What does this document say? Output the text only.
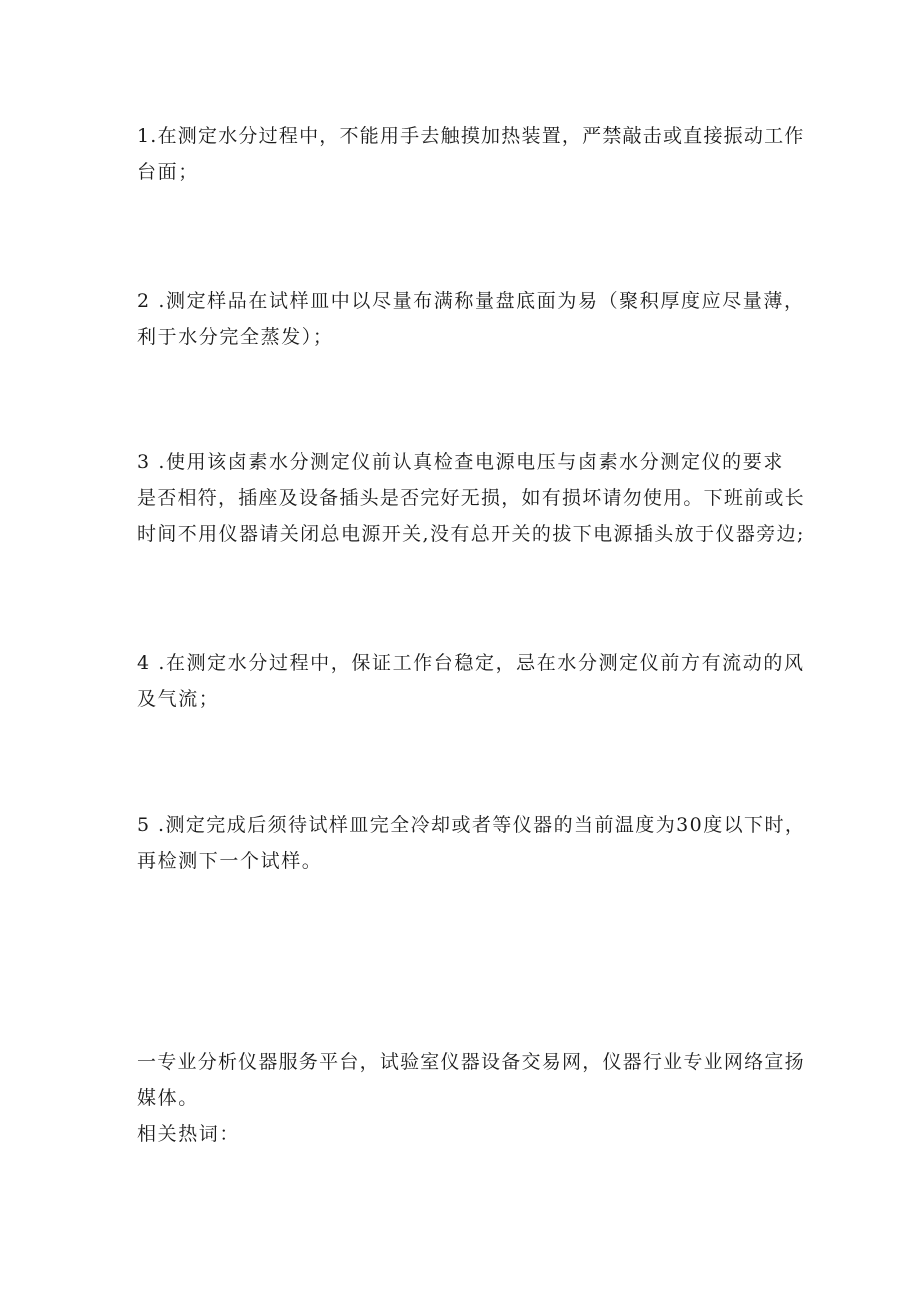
1.在测定水分过程中，不能用手去触摸加热装置，严禁敲击或直接振动工作
台面；
2 .测定样品在试样皿中以尽量布满称量盘底面为易（聚积厚度应尽量薄，
利于水分完全蒸发）；
3 .使用该卤素水分测定仪前认真检查电源电压与卤素水分测定仪的要求
是否相符，插座及设备插头是否完好无损，如有损坏请勿使用。下班前或长
时间不用仪器请关闭总电源开关,没有总开关的拔下电源插头放于仪器旁边;
4 .在测定水分过程中，保证工作台稳定，忌在水分测定仪前方有流动的风
及气流；
5 .测定完成后须待试样皿完全冷却或者等仪器的当前温度为30度以下时，
再检测下一个试样。
一专业分析仪器服务平台，试验室仪器设备交易网，仪器行业专业网络宣扬
媒体。
相关热词：
